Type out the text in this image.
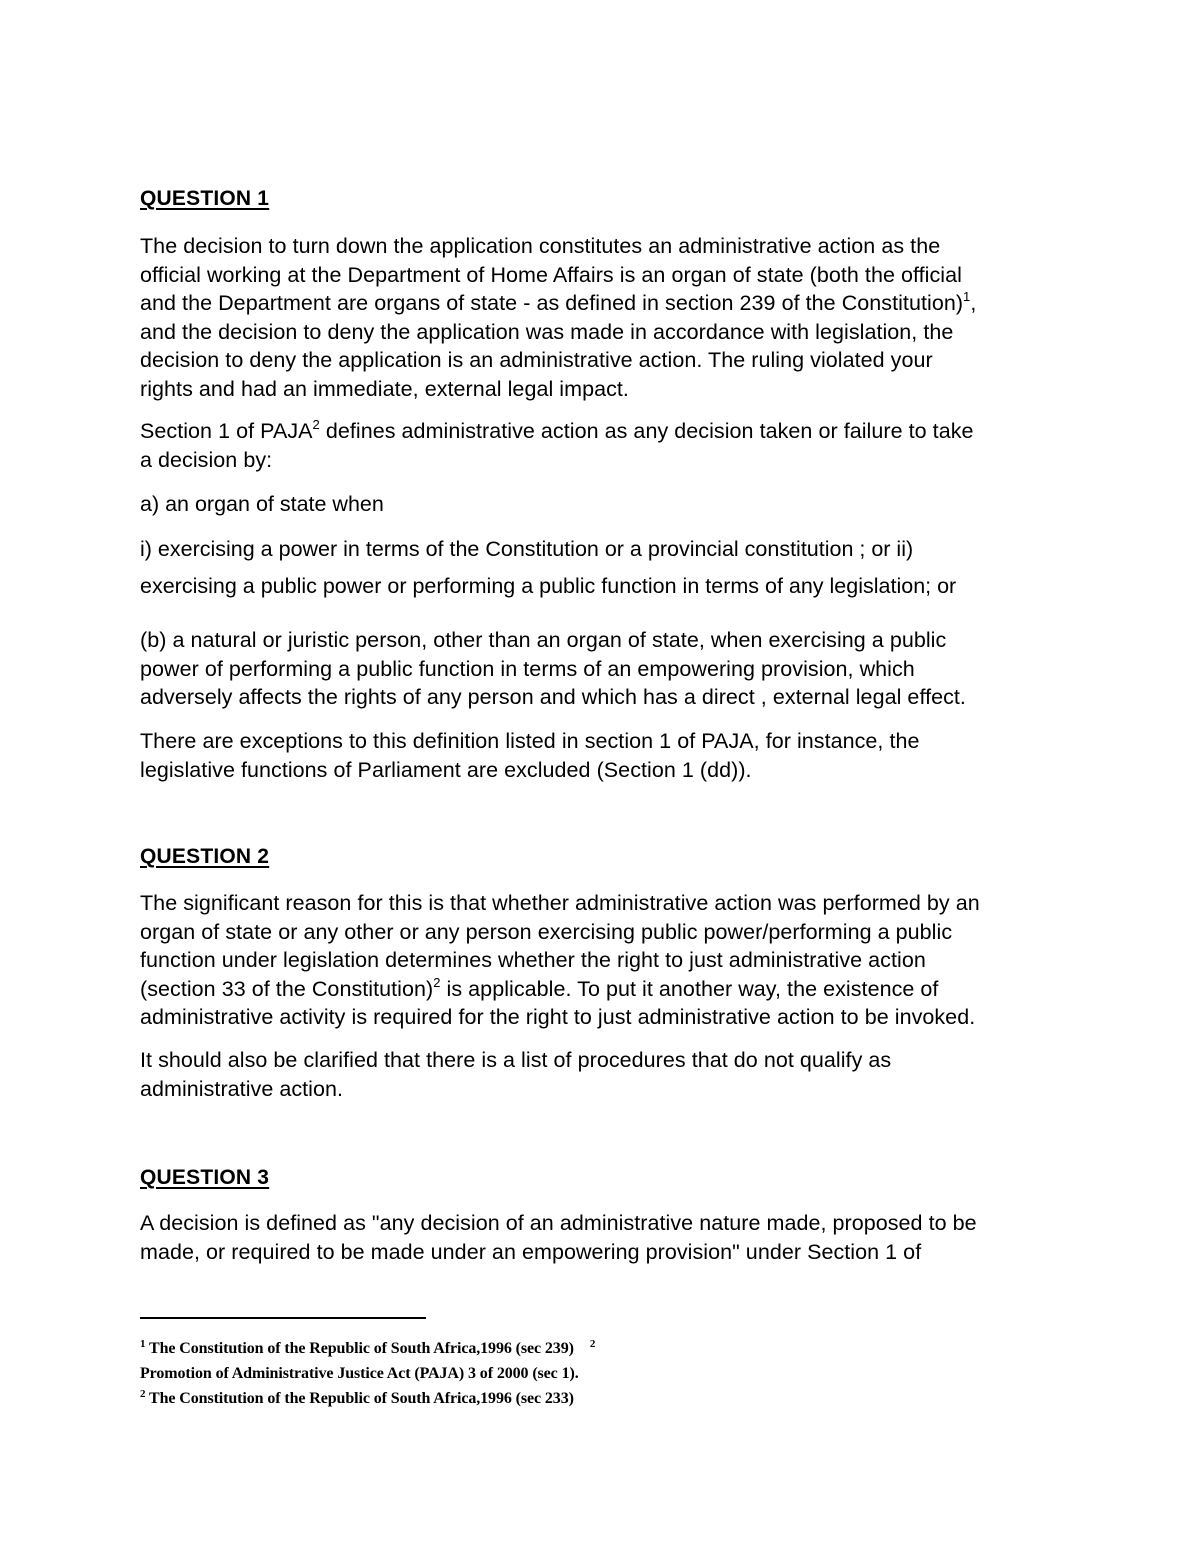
QUESTION 1

The decision to turn down the application constitutes an administrative action as the
official working at the Department of Home Affairs is an organ of state (both the official
and the Department are organs of state - as defined in section 239 of the Constitution)$^1$,
and the decision to deny the application was made in accordance with legislation, the
decision to deny the application is an administrative action. The ruling violated your
rights and had an immediate, external legal impact.

Section 1 of PAJA$^2$ defines administrative action as any decision taken or failure to take
a decision by:

a) an organ of state when

i) exercising a power in terms of the Constitution or a provincial constitution ; or ii)

exercising a public power or performing a public function in terms of any legislation; or

(b) a natural or juristic person, other than an organ of state, when exercising a public
power of performing a public function in terms of an empowering provision, which
adversely affects the rights of any person and which has a direct , external legal effect.

There are exceptions to this definition listed in section 1 of PAJA, for instance, the
legislative functions of Parliament are excluded (Section 1 (dd)).

QUESTION 2

The significant reason for this is that whether administrative action was performed by an
organ of state or any other or any person exercising public power/performing a public
function under legislation determines whether the right to just administrative action
(section 33 of the Constitution)$^2$ is applicable. To put it another way, the existence of
administrative activity is required for the right to just administrative action to be invoked.

It should also be clarified that there is a list of procedures that do not qualify as
administrative action.

QUESTION 3

A decision is defined as "any decision of an administrative nature made, proposed to be
made, or required to be made under an empowering provision" under Section 1 of

$^1$ The Constitution of the Republic of South Africa,1996 (sec 239) $^2$
Promotion of Administrative Justice Act (PAJA) 3 of 2000 (sec 1).
$^2$ The Constitution of the Republic of South Africa,1996 (sec 233)
